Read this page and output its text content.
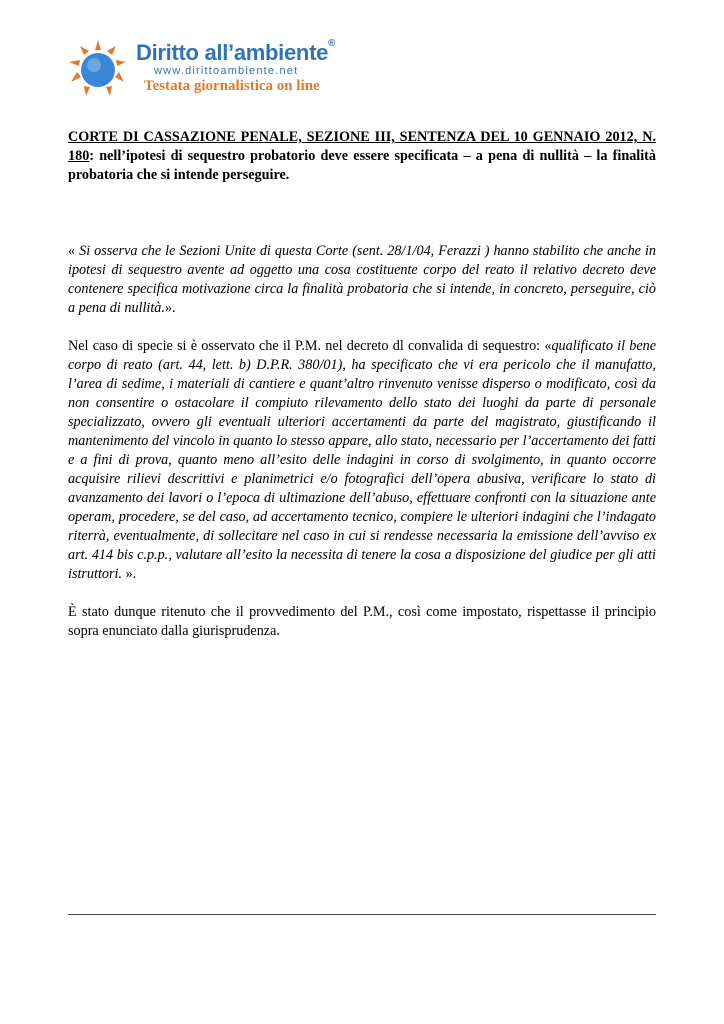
Diritto all’ambiente®
www.dirittoambiente.net
Testata giornalistica on line

CORTE DI CASSAZIONE PENALE, SEZIONE III, SENTENZA DEL 10 GENNAIO 2012, N. 180: nell’ipotesi di sequestro probatorio deve essere specificata – a pena di nullità – la finalità probatoria che si intende perseguire.

« Si osserva che le Sezioni Unite di questa Corte (sent. 28/1/04, Ferazzi ) hanno stabilito che anche in ipotesi di sequestro avente ad oggetto una cosa costituente corpo del reato il relativo decreto deve contenere specifica motivazione circa la finalità probatoria che si intende, in concreto, perseguire, ciò a pena di nullità.».

Nel caso di specie si è osservato che il P.M. nel decreto dl convalida di sequestro: «qualificato il bene corpo di reato (art. 44, lett. b) D.P.R. 380/01), ha specificato che vi era pericolo che il manufatto, l’area di sedime, i materiali di cantiere e quant’altro rinvenuto venisse disperso o modificato, così da non consentire o ostacolare il compiuto rilevamento dello stato dei luoghi da parte di personale specializzato, ovvero gli eventuali ulteriori accertamenti da parte del magistrato, giustificando il mantenimento del vincolo in quanto lo stesso appare, allo stato, necessario per l’accertamento dei fatti e a fini di prova, quanto meno all’esito delle indagini in corso di svolgimento, in quanto occorre acquisire rilievi descrittivi e planimetrici e/o fotografici dell’opera abusiva, verificare lo stato di avanzamento dei lavori o l’epoca di ultimazione dell’abuso, effettuare confronti con la situazione ante operam, procedere, se del caso, ad accertamento tecnico, compiere le ulteriori indagini che l’indagato riterrà, eventualmente, di sollecitare nel caso in cui si rendesse necessaria la emissione dell’avviso ex art. 414 bis c.p.p., valutare all’esito la necessita di tenere la cosa a disposizione del giudice per gli atti istruttori. ».

È stato dunque ritenuto che il provvedimento del P.M., così come impostato, rispettasse il principio sopra enunciato dalla giurisprudenza.
